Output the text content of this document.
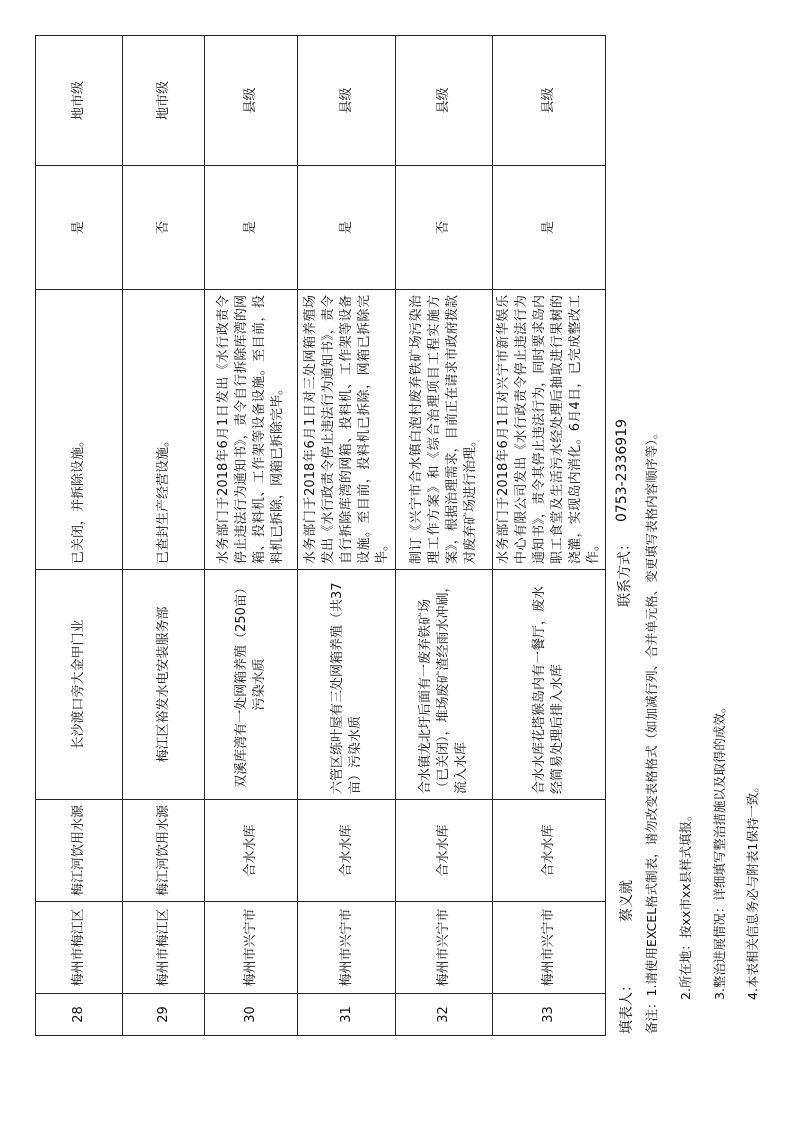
28	梅州市梅江区	梅江河饮用水源	长沙渡口旁大金甲门业	已关闭，并拆除设施。	是	地市级
29	梅州市梅江区	梅江河饮用水源	梅江区裕发水电安装服务部	已查封生产经营设施。	否	地市级
30	梅州市兴宁市	合水水库	双溪库湾有一处网箱养殖（250亩）污染水质	水务部门于2018年6月1日发出《水行政责令停止违法行为通知书》，责令自行拆除库湾的网箱、投料机、工作架等设备设施。至目前，投料机已拆除，网箱已拆除完毕。	是	县级
31	梅州市兴宁市	合水水库	六管区练叶屋有三处网箱养殖（共37亩）污染水质	水务部门于2018年6月1日对三处网箱养殖场发出《水行政责令停止违法行为通知书》，责令自行拆除库湾的网箱、投料机、工作架等设备设施。至目前，投料机已拆除，网箱已拆除完毕。	是	县级
32	梅州市兴宁市	合水水库	合水镇龙北圩后面有一废弃铁矿场（已关闭），堆场废矿渣经雨水冲刷，流入水库	制订《兴宁市合水镇白泡村废弃铁矿场污染治理工作方案》和《综合治理项目工程实施方案》，根据治理需求，目前正在请求市政府拨款对废弃矿场进行治理。	否	县级
33	梅州市兴宁市	合水水库	合水水库花塔猴岛内有一餐厅，废水经简易处理后排入水库	水务部门于2018年6月1日对兴宁市新华娱乐中心有限公司发出《水行政责令停止违法行为通知书》，责令其停止违法行为，同时要求岛内职工食堂及生活污水经处理后抽取进行果树的浇灌，实现岛内消化。6月4日，已完成整改工作。	是	县级
填表人：
蔡义就
联系方式：
0753-2336919 备注：1.请使用EXCEL格式制表，请勿改变表格格式（如加减行列、合并单元格、变更填写表格内容顺序等）。 2.所在地：按xx市xx县样式填报。 3.整治进展情况：详细填写整治措施以及取得的成效。 4.本表相关信息务必与附表1保持一致。
